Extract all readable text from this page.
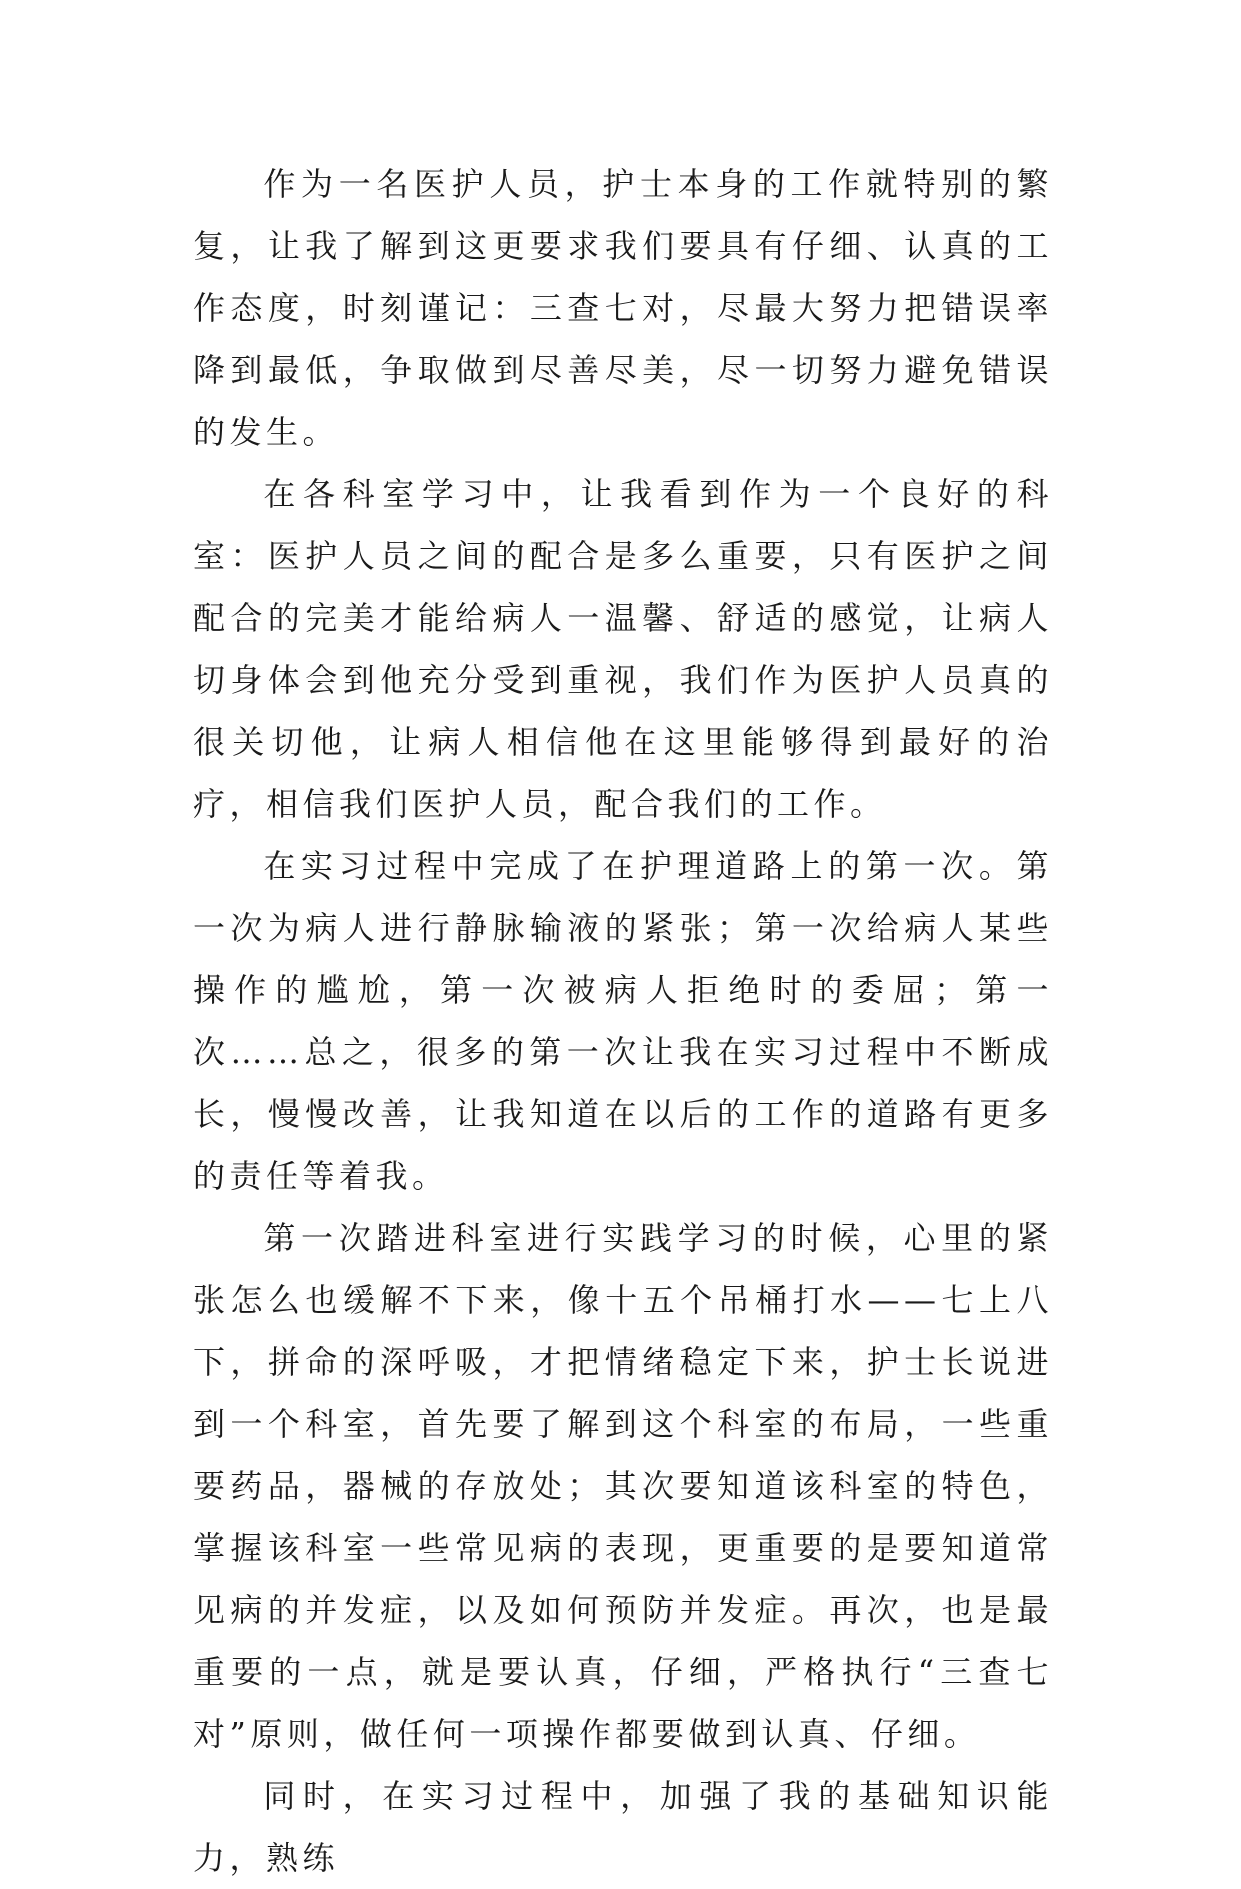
作为一名医护人员，护士本身的工作就特别的繁复，让我了解到这更要求我们要具有仔细、认真的工作态度，时刻谨记：三查七对，尽最大努力把错误率降到最低，争取做到尽善尽美，尽一切努力避免错误的发生。

在各科室学习中，让我看到作为一个良好的科室：医护人员之间的配合是多么重要，只有医护之间配合的完美才能给病人一温馨、舒适的感觉，让病人切身体会到他充分受到重视，我们作为医护人员真的很关切他，让病人相信他在这里能够得到最好的治疗，相信我们医护人员，配合我们的工作。

在实习过程中完成了在护理道路上的第一次。第一次为病人进行静脉输液的紧张；第一次给病人某些操作的尴尬，第一次被病人拒绝时的委屈；第一次……总之，很多的第一次让我在实习过程中不断成长，慢慢改善，让我知道在以后的工作的道路有更多的责任等着我。

第一次踏进科室进行实践学习的时候，心里的紧张怎么也缓解不下来，像十五个吊桶打水——七上八下，拼命的深呼吸，才把情绪稳定下来，护士长说进到一个科室，首先要了解到这个科室的布局，一些重要药品，器械的存放处；其次要知道该科室的特色，掌握该科室一些常见病的表现，更重要的是要知道常见病的并发症，以及如何预防并发症。再次，也是最重要的一点，就是要认真，仔细，严格执行“三查七对”原则，做任何一项操作都要做到认真、仔细。

同时，在实习过程中，加强了我的基础知识能力，熟练
